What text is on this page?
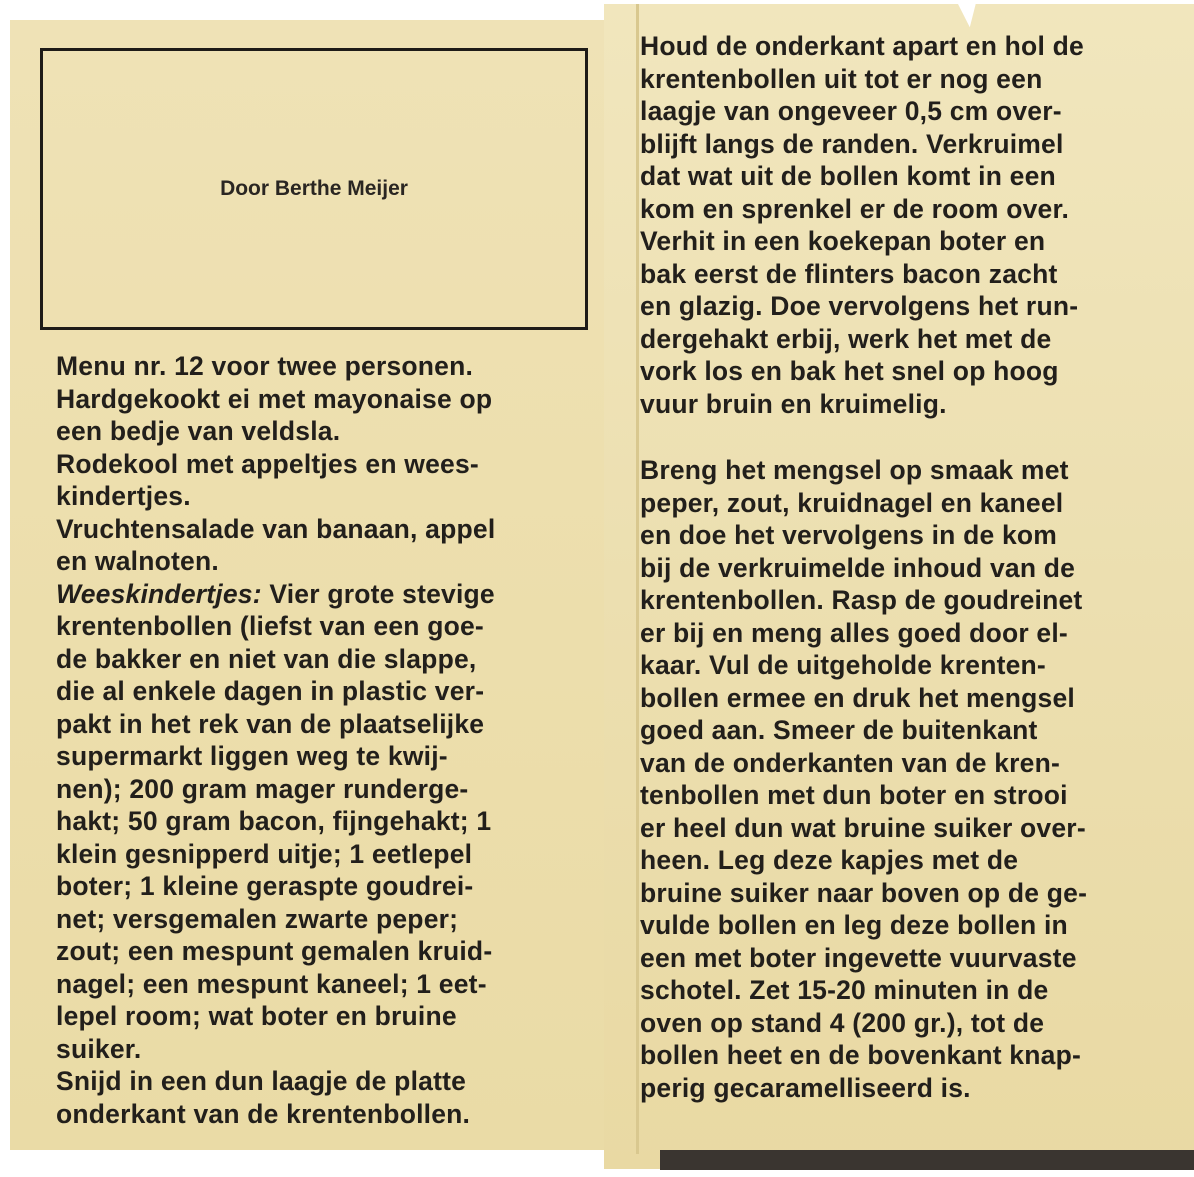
Door Berthe Meijer

Menu nr. 12 voor twee personen.

Hardgekookt ei met mayonaise op

een bedje van veldsla.

Rodekool met appeltjes en wees-

kindertjes.

Vruchtensalade van banaan, appel

en walnoten.

Weeskindertjes: Vier grote stevige

krentenbollen (liefst van een goe-

de bakker en niet van die slappe,

die al enkele dagen in plastic ver-

pakt in het rek van de plaatselijke

supermarkt liggen weg te kwij-

nen); 200 gram mager runderge-

hakt; 50 gram bacon, fijngehakt; 1

klein gesnipperd uitje; 1 eetlepel

boter; 1 kleine geraspte goudrei-

net; versgemalen zwarte peper;

zout; een mespunt gemalen kruid-

nagel; een mespunt kaneel; 1 eet-

lepel room; wat boter en bruine

suiker.

Snijd in een dun laagje de platte

onderkant van de krentenbollen.

Houd de onderkant apart en hol de

krentenbollen uit tot er nog een

laagje van ongeveer 0,5 cm over-

blijft langs de randen. Verkruimel

dat wat uit de bollen komt in een

kom en sprenkel er de room over.

Verhit in een koekepan boter en

bak eerst de flinters bacon zacht

en glazig. Doe vervolgens het run-

dergehakt erbij, werk het met de

vork los en bak het snel op hoog

vuur bruin en kruimelig.

Breng het mengsel op smaak met

peper, zout, kruidnagel en kaneel

en doe het vervolgens in de kom

bij de verkruimelde inhoud van de

krentenbollen. Rasp de goudreinet

er bij en meng alles goed door el-

kaar. Vul de uitgeholde krenten-

bollen ermee en druk het mengsel

goed aan. Smeer de buitenkant

van de onderkanten van de kren-

tenbollen met dun boter en strooi

er heel dun wat bruine suiker over-

heen. Leg deze kapjes met de

bruine suiker naar boven op de ge-

vulde bollen en leg deze bollen in

een met boter ingevette vuurvaste

schotel. Zet 15-20 minuten in de

oven op stand 4 (200 gr.), tot de

bollen heet en de bovenkant knap-

perig gecaramelliseerd is.
